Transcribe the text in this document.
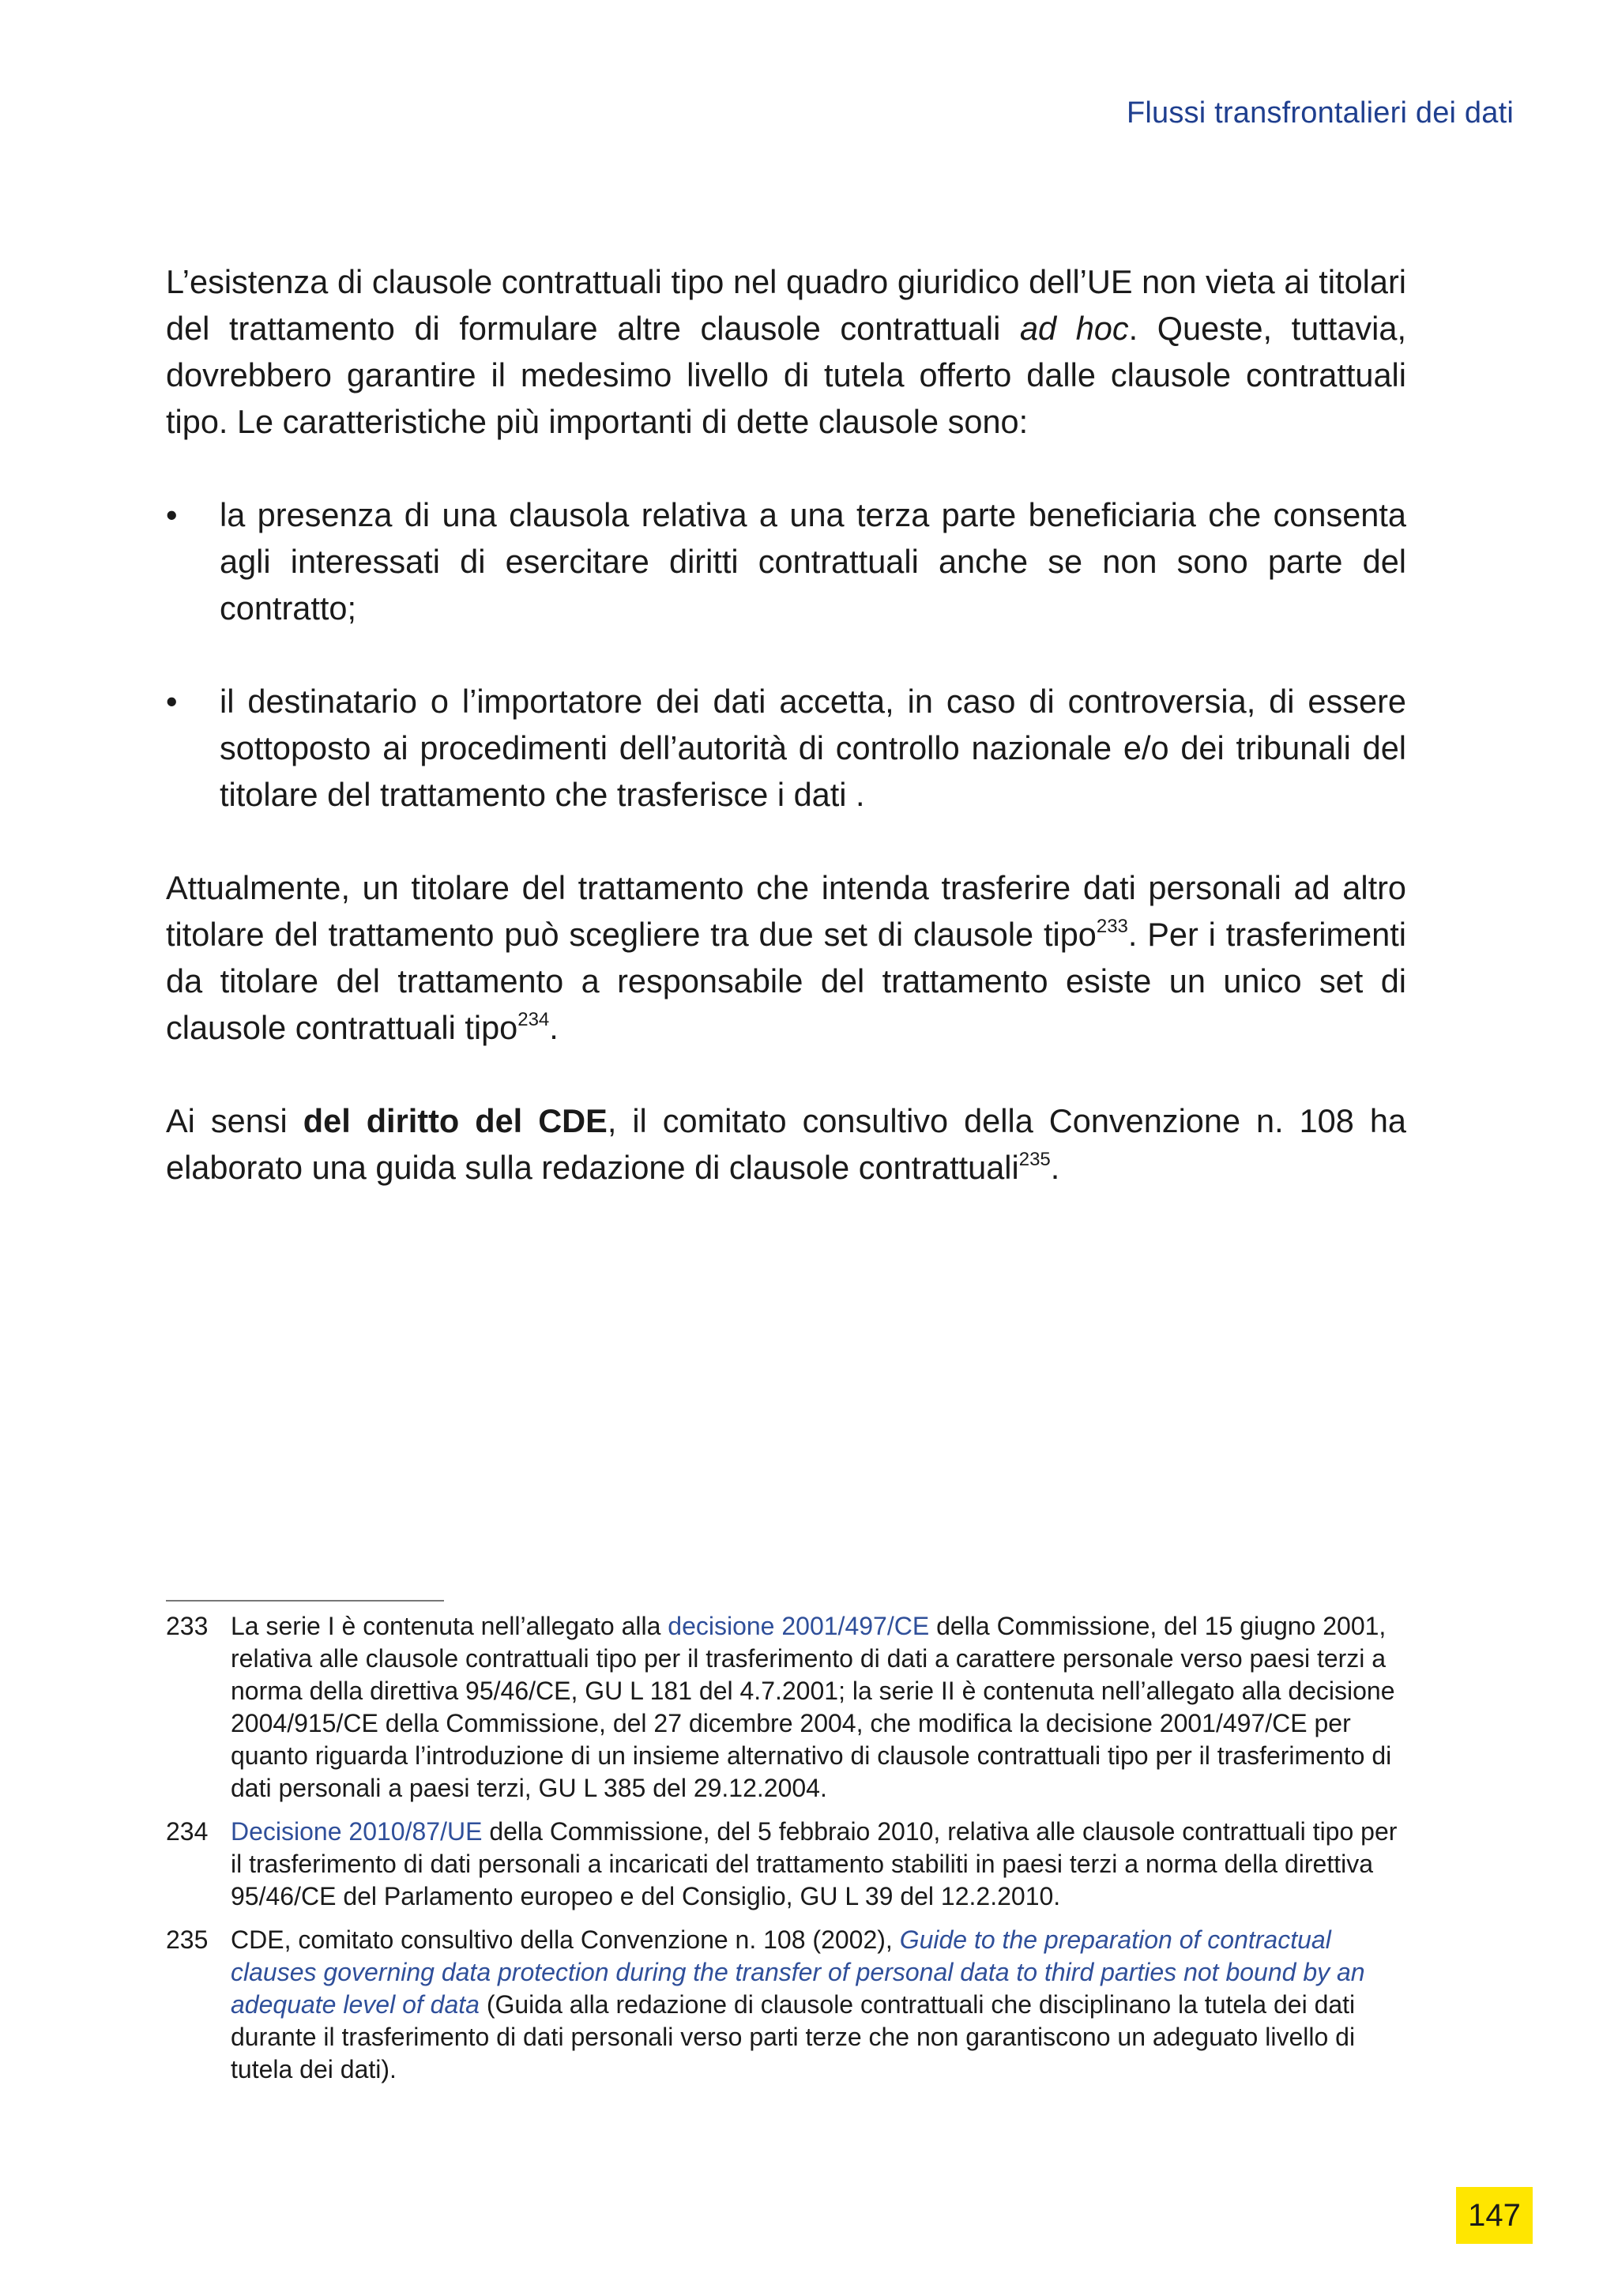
Flussi transfrontalieri dei dati

L’esistenza di clausole contrattuali tipo nel quadro giuridico dell’UE non vieta ai titolari del trattamento di formulare altre clausole contrattuali ad hoc. Queste, tuttavia, dovrebbero garantire il medesimo livello di tutela offerto dalle clausole contrattuali tipo. Le caratteristiche più importanti di dette clausole sono:

• la presenza di una clausola relativa a una terza parte beneficiaria che consenta agli interessati di esercitare diritti contrattuali anche se non sono parte del contratto;
• il destinatario o l’importatore dei dati accetta, in caso di controversia, di essere sottoposto ai procedimenti dell’autorità di controllo nazionale e/o dei tribunali del titolare del trattamento che trasferisce i dati .

Attualmente, un titolare del trattamento che intenda trasferire dati personali ad altro titolare del trattamento può scegliere tra due set di clausole tipo$^{233}$. Per i trasferimenti da titolare del trattamento a responsabile del trattamento esiste un unico set di clausole contrattuali tipo$^{234}$.

Ai sensi del diritto del CDE, il comitato consultivo della Convenzione n. 108 ha elaborato una guida sulla redazione di clausole contrattuali$^{235}$.

233 La serie I è contenuta nell’allegato alla decisione 2001/497/CE della Commissione, del 15 giugno 2001, relativa alle clausole contrattuali tipo per il trasferimento di dati a carattere personale verso paesi terzi a norma della direttiva 95/46/CE, GU L 181 del 4.7.2001; la serie II è contenuta nell’allegato alla decisione 2004/915/CE della Commissione, del 27 dicembre 2004, che modifica la decisione 2001/497/CE per quanto riguarda l’introduzione di un insieme alternativo di clausole contrattuali tipo per il trasferimento di dati personali a paesi terzi, GU L 385 del 29.12.2004.
234 Decisione 2010/87/UE della Commissione, del 5 febbraio 2010, relativa alle clausole contrattuali tipo per il trasferimento di dati personali a incaricati del trattamento stabiliti in paesi terzi a norma della direttiva 95/46/CE del Parlamento europeo e del Consiglio, GU L 39 del 12.2.2010.
235 CDE, comitato consultivo della Convenzione n. 108 (2002), Guide to the preparation of contractual clauses governing data protection during the transfer of personal data to third parties not bound by an adequate level of data (Guida alla redazione di clausole contrattuali che disciplinano la tutela dei dati durante il trasferimento di dati personali verso parti terze che non garantiscono un adeguato livello di tutela dei dati).
147
